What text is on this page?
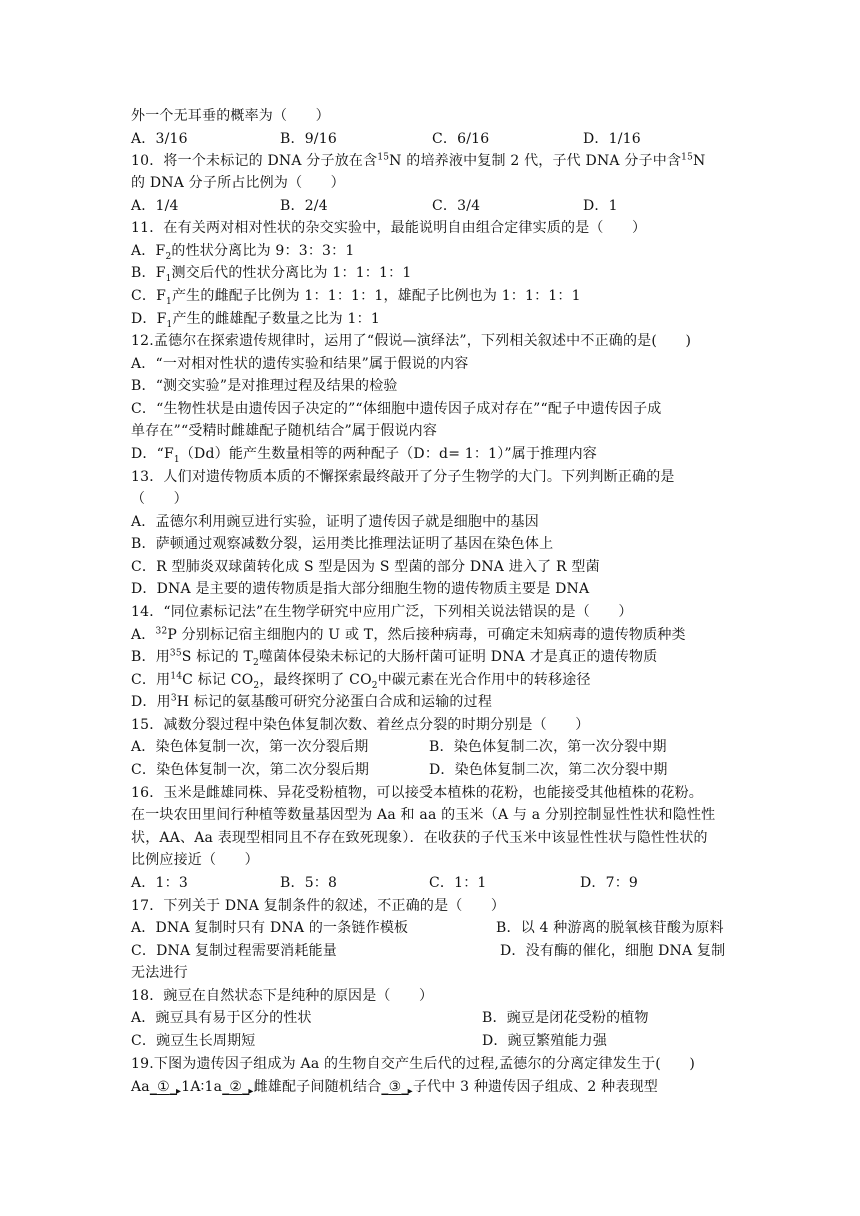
外一个无耳垂的概率为（　　）
A．3/16	B．9/16	C．6/16	D．1/16
10．将一个未标记的 DNA 分子放在含$^{15}$N 的培养液中复制 2 代，子代 DNA 分子中含$^{15}$N
的 DNA 分子所占比例为（　　）
A．1/4	B．2/4	C．3/4	D．1
11．在有关两对相对性状的杂交实验中，最能说明自由组合定律实质的是（　　）
A．$F_2$的性状分离比为 9：3：3：1
B．$F_1$测交后代的性状分离比为 1：1：1：1
C．$F_1$产生的雌配子比例为 1：1：1：1，雄配子比例也为 1：1：1：1
D．$F_1$产生的雌雄配子数量之比为 1：1
12.孟德尔在探索遗传规律时，运用了“假说—演绎法”，下列相关叙述中不正确的是(　　)
A．“一对相对性状的遗传实验和结果”属于假说的内容
B．“测交实验”是对推理过程及结果的检验
C．“生物性状是由遗传因子决定的”“体细胞中遗传因子成对存在”“配子中遗传因子成
单存在”“受精时雌雄配子随机结合”属于假说内容
D．“$F_1(Dd)$能产生数量相等的两种配子（D：d= 1：1）”属于推理内容
13．人们对遗传物质本质的不懈探索最终敲开了分子生物学的大门。下列判断正确的是
（　　）
A．孟德尔利用豌豆进行实验，证明了遗传因子就是细胞中的基因
B．萨顿通过观察减数分裂，运用类比推理法证明了基因在染色体上
C．R 型肺炎双球菌转化成 S 型是因为 S 型菌的部分 DNA 进入了 R 型菌
D．DNA 是主要的遗传物质是指大部分细胞生物的遗传物质主要是 DNA
14．“同位素标记法”在生物学研究中应用广泛，下列相关说法错误的是（　　）
A．$^{32}$P 分别标记宿主细胞内的 U 或 T，然后接种病毒，可确定未知病毒的遗传物质种类
B．用$^{35}$S 标记的 $T_2$噬菌体侵染未标记的大肠杆菌可证明 DNA 才是真正的遗传物质
C．用$^{14}$C 标记 $CO_2$，最终探明了 $CO_2$中碳元素在光合作用中的转移途径
D．用$^3$H 标记的氨基酸可研究分泌蛋白合成和运输的过程
15．减数分裂过程中染色体复制次数、着丝点分裂的时期分别是（　　）
A．染色体复制一次，第一次分裂后期	B．染色体复制二次，第一次分裂中期
C．染色体复制一次，第二次分裂后期	D．染色体复制二次，第二次分裂中期
16．玉米是雌雄同株、异花受粉植物，可以接受本植株的花粉，也能接受其他植株的花粉。
在一块农田里间行种植等数量基因型为 Aa 和 aa 的玉米（A 与 a 分别控制显性性状和隐性性
状，AA、Aa 表现型相同且不存在致死现象）．在收获的子代玉米中该显性性状与隐性性状的
比例应接近（　　）
A．1：3	B．5：8	C．1：1	D．7：9
17．下列关于 DNA 复制条件的叙述，不正确的是（　　）
A．DNA 复制时只有 DNA 的一条链作模板	B．以 4 种游离的脱氧核苷酸为原料
C．DNA 复制过程需要消耗能量	D．没有酶的催化，细胞 DNA 复制
无法进行
18．豌豆在自然状态下是纯种的原因是（　　）
A．豌豆具有易于区分的性状	B．豌豆是闭花受粉的植物
C．豌豆生长周期短	D．豌豆繁殖能力强
19.下图为遗传因子组成为 Aa 的生物自交产生后代的过程,孟德尔的分离定律发生于(　　)
$Aa\_①\__▸1A∶1a\_②\__▸$雌雄配子间随机结合$\_③\__▸$子代中 3 种遗传因子组成、2 种表现型
